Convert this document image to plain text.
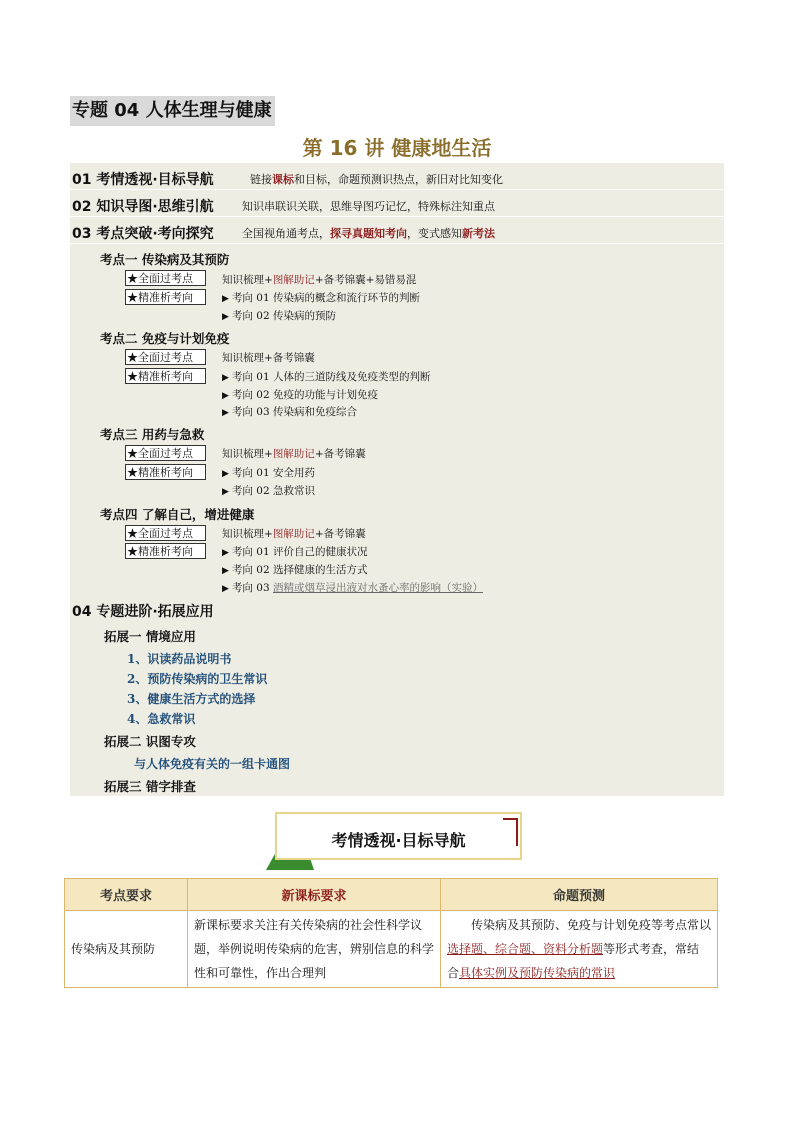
专题 04 人体生理与健康
第 16 讲 健康地生活
01 考情透视·目标导航	链接课标和目标，命题预测识热点，新旧对比知变化
02 知识导图·思维引航	知识串联识关联，思维导图巧记忆，特殊标注知重点
03 考点突破·考向探究	全国视角通考点，探寻真题知考向，变式感知新考法
考点一 传染病及其预防
★全面过考点	知识梳理+图解助记+备考锦囊+易错易混
★精准析考向	▶ 考向 01 传染病的概念和流行环节的判断
▶ 考向 02 传染病的预防
考点二 免疫与计划免疫
★全面过考点	知识梳理+备考锦囊
★精准析考向	▶ 考向 01 人体的三道防线及免疫类型的判断
▶ 考向 02 免疫的功能与计划免疫
▶ 考向 03 传染病和免疫综合
考点三 用药与急救
★全面过考点	知识梳理+图解助记+备考锦囊
★精准析考向	▶ 考向 01 安全用药
▶ 考向 02 急救常识
考点四 了解自己，增进健康
★全面过考点	知识梳理+图解助记+备考锦囊
★精准析考向	▶ 考向 01 评价自己的健康状况
▶ 考向 02 选择健康的生活方式
▶ 考向 03 酒精或烟草浸出液对水蚤心率的影响（实验）
04 专题进阶·拓展应用
拓展一 情境应用
1、识读药品说明书
2、预防传染病的卫生常识
3、健康生活方式的选择
4、急救常识
拓展二 识图专攻
与人体免疫有关的一组卡通图
拓展三 错字排查
考情透视·目标导航
考点要求	新课标要求	命题预测
传染病及其预防	新课标要求关注有关传染病的社会性科学议题，举例说明传染病的危害，辨别信息的科学性和可靠性，作出合理判	传染病及其预防、免疫与计划免疫等考点常以选择题、综合题、资料分析题等形式考查，常结合具体实例及预防传染病的常识
